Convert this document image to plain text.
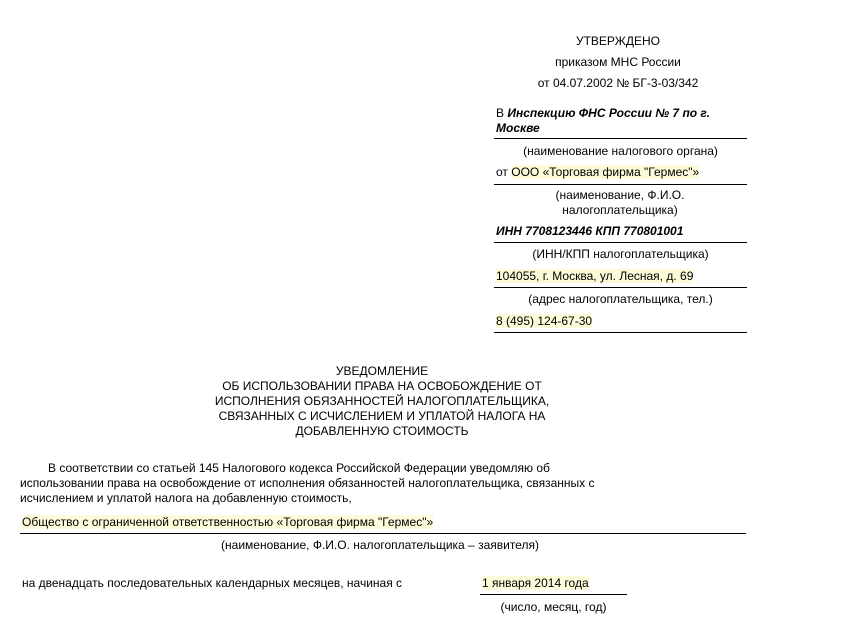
УТВЕРЖДЕНО
приказом МНС России
от 04.07.2002 № БГ-3-03/342
В Инспекцию ФНС России № 7 по г. Москве
(наименование налогового органа)
от ООО «Торговая фирма "Гермес"»
(наименование, Ф.И.О. налогоплательщика)
ИНН 7708123446 КПП 770801001
(ИНН/КПП налогоплательщика)
104055, г. Москва, ул. Лесная, д. 69
(адрес налогоплательщика, тел.)
8 (495) 124-67-30
УВЕДОМЛЕНИЕ
ОБ ИСПОЛЬЗОВАНИИ ПРАВА НА ОСВОБОЖДЕНИЕ ОТ
ИСПОЛНЕНИЯ ОБЯЗАННОСТЕЙ НАЛОГОПЛАТЕЛЬЩИКА,
СВЯЗАННЫХ С ИСЧИСЛЕНИЕМ И УПЛАТОЙ НАЛОГА НА
ДОБАВЛЕННУЮ СТОИМОСТЬ
В соответствии со статьей 145 Налогового кодекса Российской Федерации уведомляю об
использовании права на освобождение от исполнения обязанностей налогоплательщика, связанных с
исчислением и уплатой налога на добавленную стоимость,
Общество с ограниченной ответственностью «Торговая фирма "Гермес"»
(наименование, Ф.И.О. налогоплательщика – заявителя)
на двенадцать последовательных календарных месяцев, начиная с	1 января 2014 года
(число, месяц, год)
